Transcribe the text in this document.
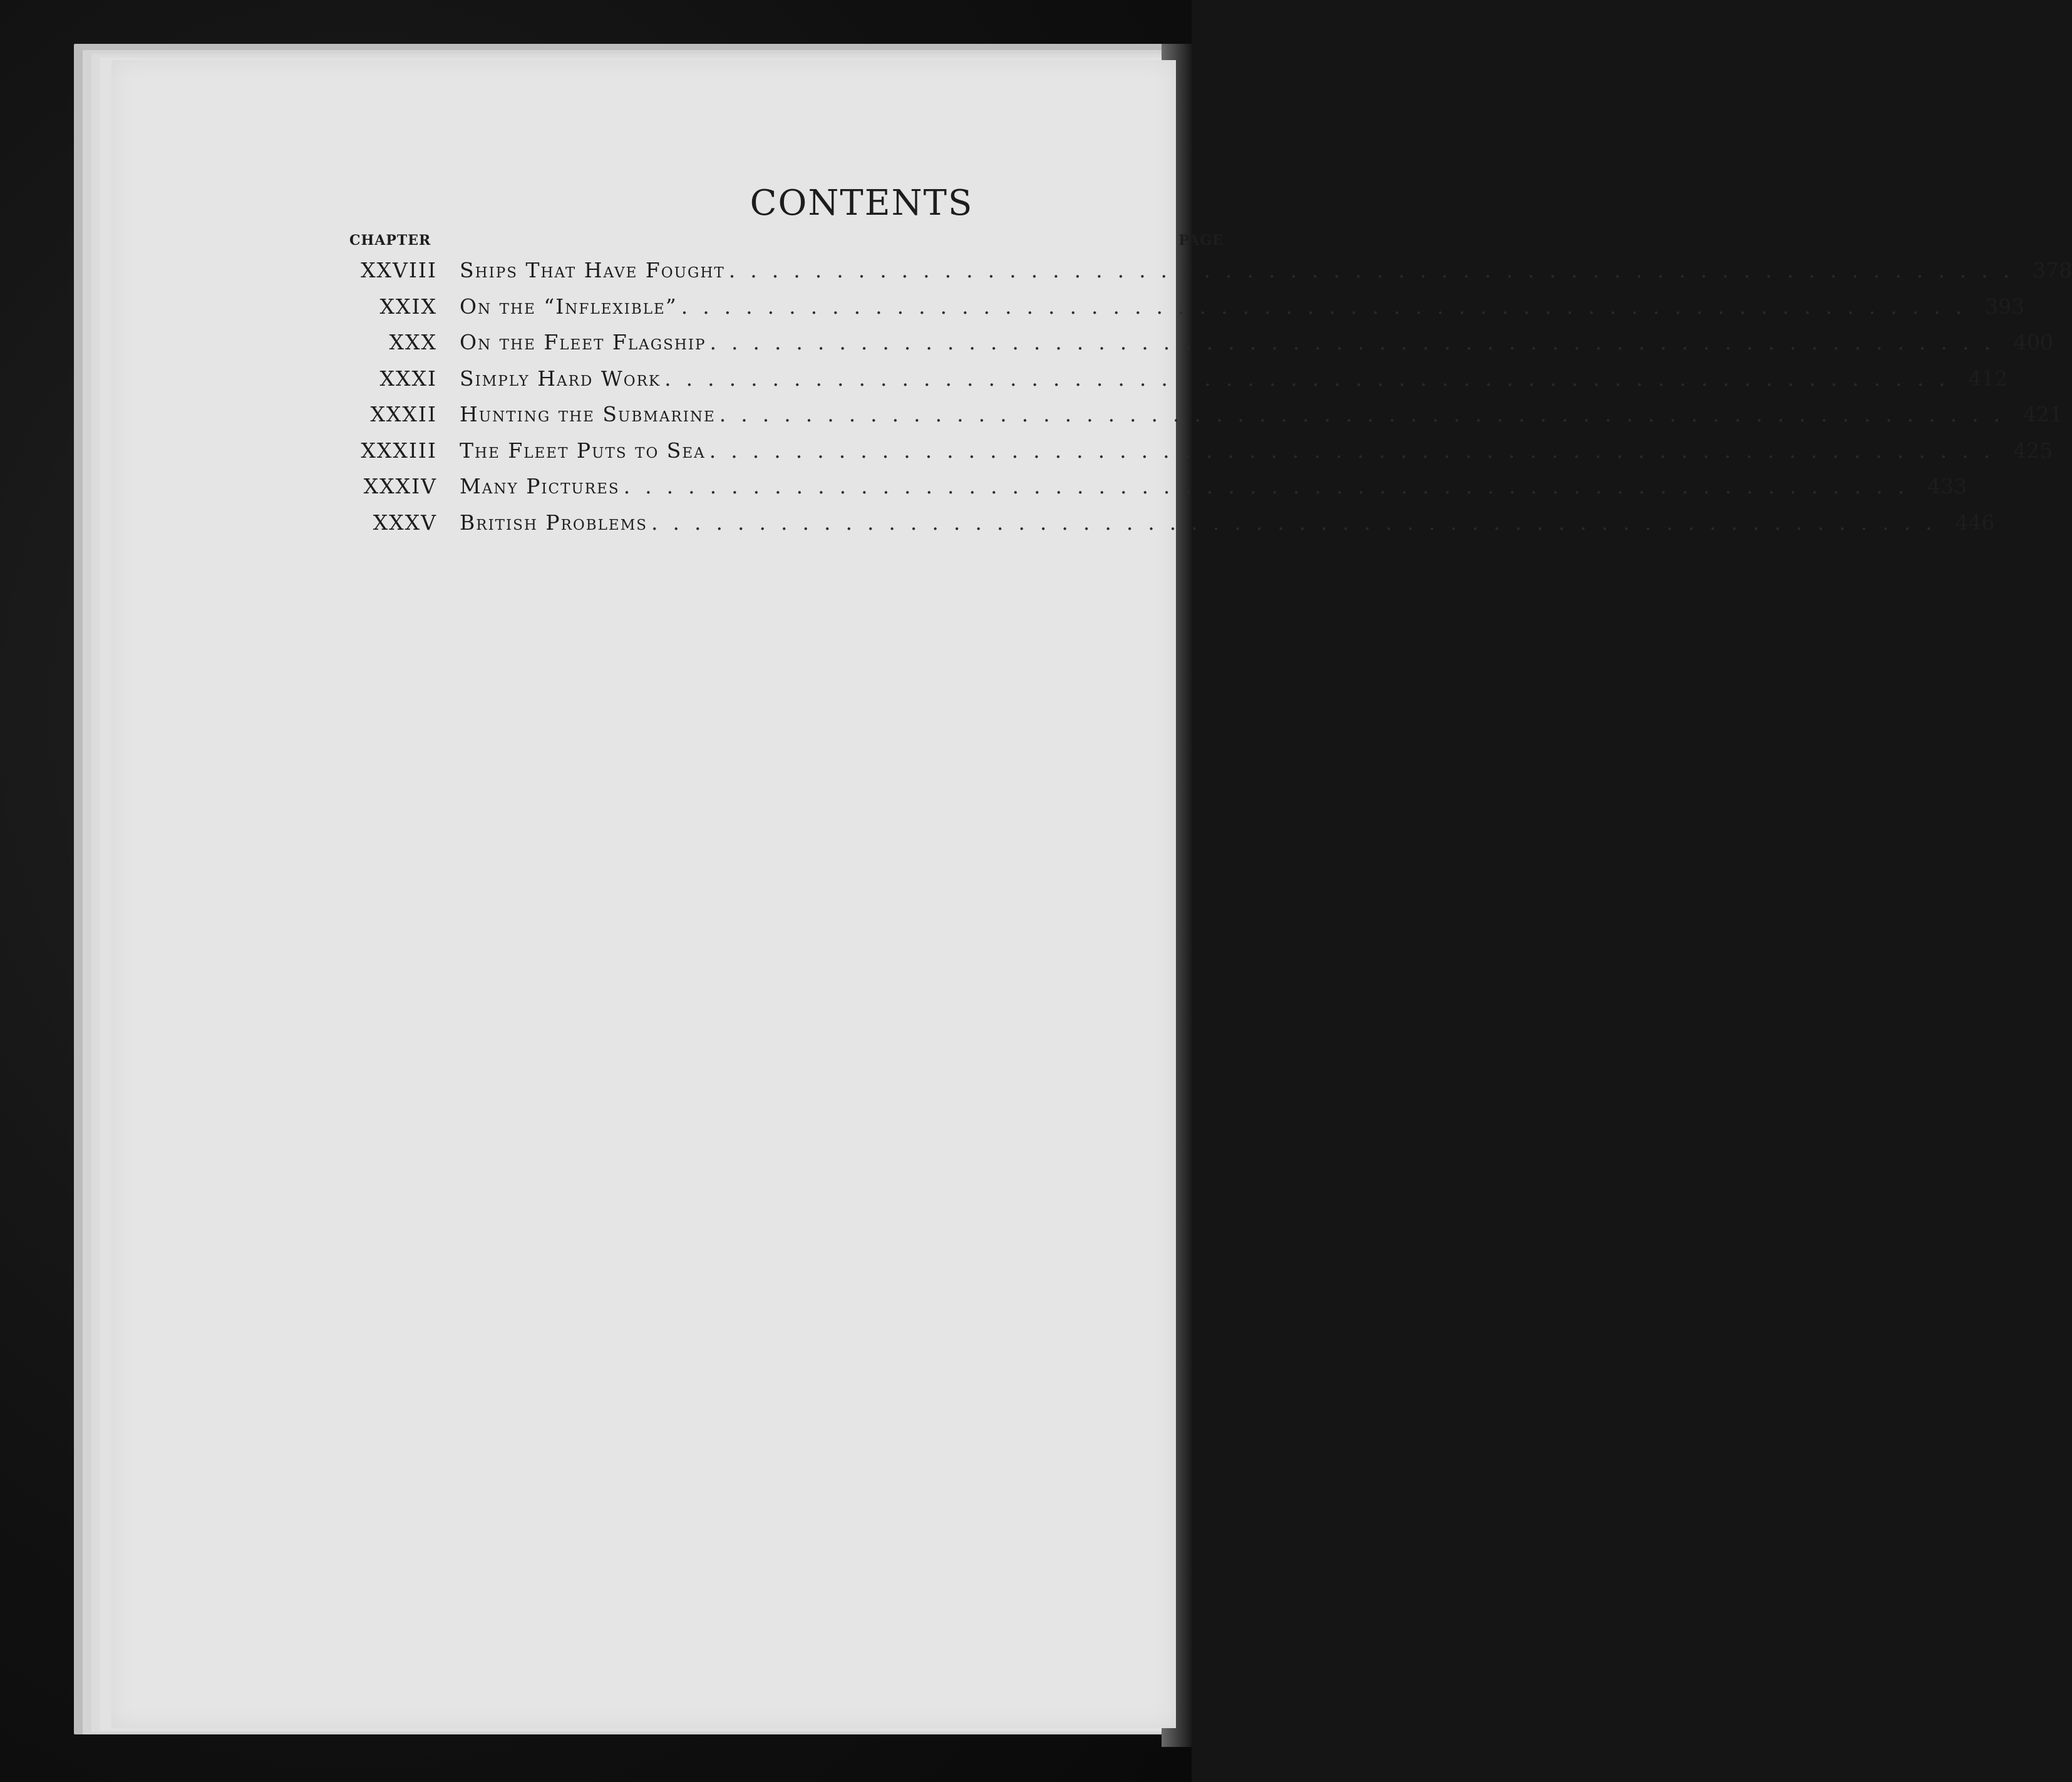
CONTENTS
CHAPTER	PAGE
XXVIII Ships That Have Fought ............................................................ 378
XXIX On the “Inflexible” ............................................................ 393
XXX On the Fleet Flagship ............................................................ 400
XXXI Simply Hard Work ............................................................ 412
XXXII Hunting the Submarine ............................................................ 421
XXXIII The Fleet Puts to Sea ............................................................ 425
XXXIV Many Pictures ............................................................ 433
XXXV British Problems ............................................................ 446
